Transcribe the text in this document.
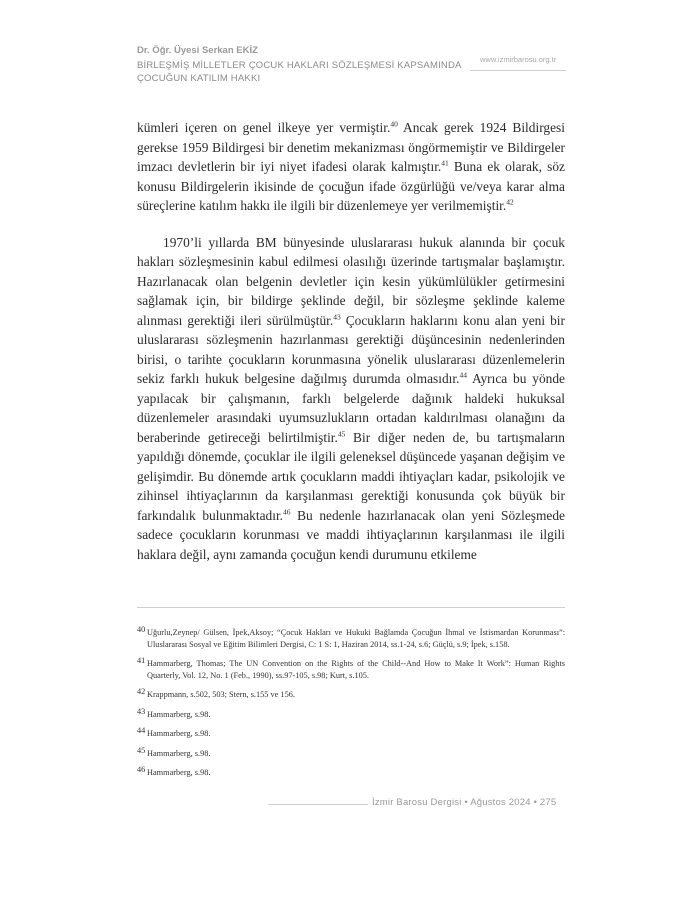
Dr. Öğr. Üyesi Serkan EKİZ
BİRLEŞMİŞ MİLLETLER ÇOCUK HAKLARI SÖZLEŞMESİ KAPSAMINDA
ÇOCUĞUN KATILIM HAKKI
www.izmirbarosu.org.tr

kümleri içeren on genel ilkeye yer vermiştir.$^{40}$ Ancak gerek 1924 Bildirgesi gerekse 1959 Bildirgesi bir denetim mekanizması öngörmemiştir ve Bildirgeler imzacı devletlerin bir iyi niyet ifadesi olarak kalmıştır.$^{41}$ Buna ek olarak, söz konusu Bildirgelerin ikisinde de çocuğun ifade özgürlüğü ve/veya karar alma süreçlerine katılım hakkı ile ilgili bir düzenlemeye yer verilmemiştir.$^{42}$

1970’li yıllarda BM bünyesinde uluslararası hukuk alanında bir çocuk hakları sözleşmesinin kabul edilmesi olasılığı üzerinde tartışmalar başlamıştır. Hazırlanacak olan belgenin devletler için kesin yükümlülükler getirmesini sağlamak için, bir bildirge şeklinde değil, bir sözleşme şeklinde kaleme alınması gerektiği ileri sürülmüştür.$^{43}$ Çocukların haklarını konu alan yeni bir uluslararası sözleşmenin hazırlanması gerektiği düşüncesinin nedenlerinden birisi, o tarihte çocukların korunmasına yönelik uluslararası düzenlemelerin sekiz farklı hukuk belgesine dağılmış durumda olmasıdır.$^{44}$ Ayrıca bu yönde yapılacak bir çalışmanın, farklı belgelerde dağınık haldeki hukuksal düzenlemeler arasındaki uyumsuzlukların ortadan kaldırılması olanağını da beraberinde getireceği belirtilmiştir.$^{45}$ Bir diğer neden de, bu tartışmaların yapıldığı dönemde, çocuklar ile ilgili geleneksel düşüncede yaşanan değişim ve gelişimdir. Bu dönemde artık çocukların maddi ihtiyaçları kadar, psikolojik ve zihinsel ihtiyaçlarının da karşılanması gerektiği konusunda çok büyük bir farkındalık bulunmaktadır.$^{46}$ Bu nedenle hazırlanacak olan yeni Sözleşmede sadece çocukların korunması ve maddi ihtiyaçlarının karşılanması ile ilgili haklara değil, aynı zamanda çocuğun kendi durumunu etkileme

40 Uğurlu,Zeynep/ Gülsen, İpek,Aksoy; “Çocuk Hakları ve Hukuki Bağlamda Çocuğun İhmal ve İstismardan Korunması”: Uluslararası Sosyal ve Eğitim Bilimleri Dergisi, C: 1 S: 1, Haziran 2014, ss.1-24, s.6; Güçlü, s.9; İpek, s.158.
41 Hammarberg, Thomas; The UN Convention on the Rights of the Child--And How to Make It Work”: Human Rights Quarterly, Vol. 12, No. 1 (Feb., 1990), ss.97-105, s.98; Kurt, s.105.
42 Krappmann, s.502, 503; Stern, s.155 ve 156.
43 Hammarberg, s.98.
44 Hammarberg, s.98.
45 Hammarberg, s.98.
46 Hammarberg, s.98.
İzmir Barosu Dergisi • Ağustos 2024 • 275
